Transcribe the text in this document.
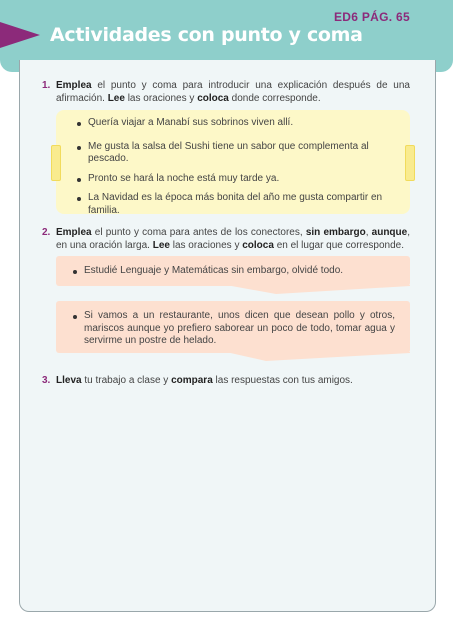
Actividades con punto y coma
ED6 PÁG. 65
1. Emplea el punto y coma para introducir una explicación después de una afirmación. Lee las oraciones y coloca donde corresponde.
Quería viajar a Manabí sus sobrinos viven allí.
Me gusta la salsa del Sushi tiene un sabor que complementa al pescado.
Pronto se hará la noche está muy tarde ya.
La Navidad es la época más bonita del año me gusta compartir en familia.
2. Emplea el punto y coma para antes de los conectores, sin embargo, aunque, en una oración larga. Lee las oraciones y coloca en el lugar que corresponde.
Estudié Lenguaje y Matemáticas sin embargo, olvidé todo.
Si vamos a un restaurante, unos dicen que desean pollo y otros, mariscos aunque yo prefiero saborear un poco de todo, tomar agua y servirme un postre de helado.
3. Lleva tu trabajo a clase y compara las respuestas con tus amigos.
